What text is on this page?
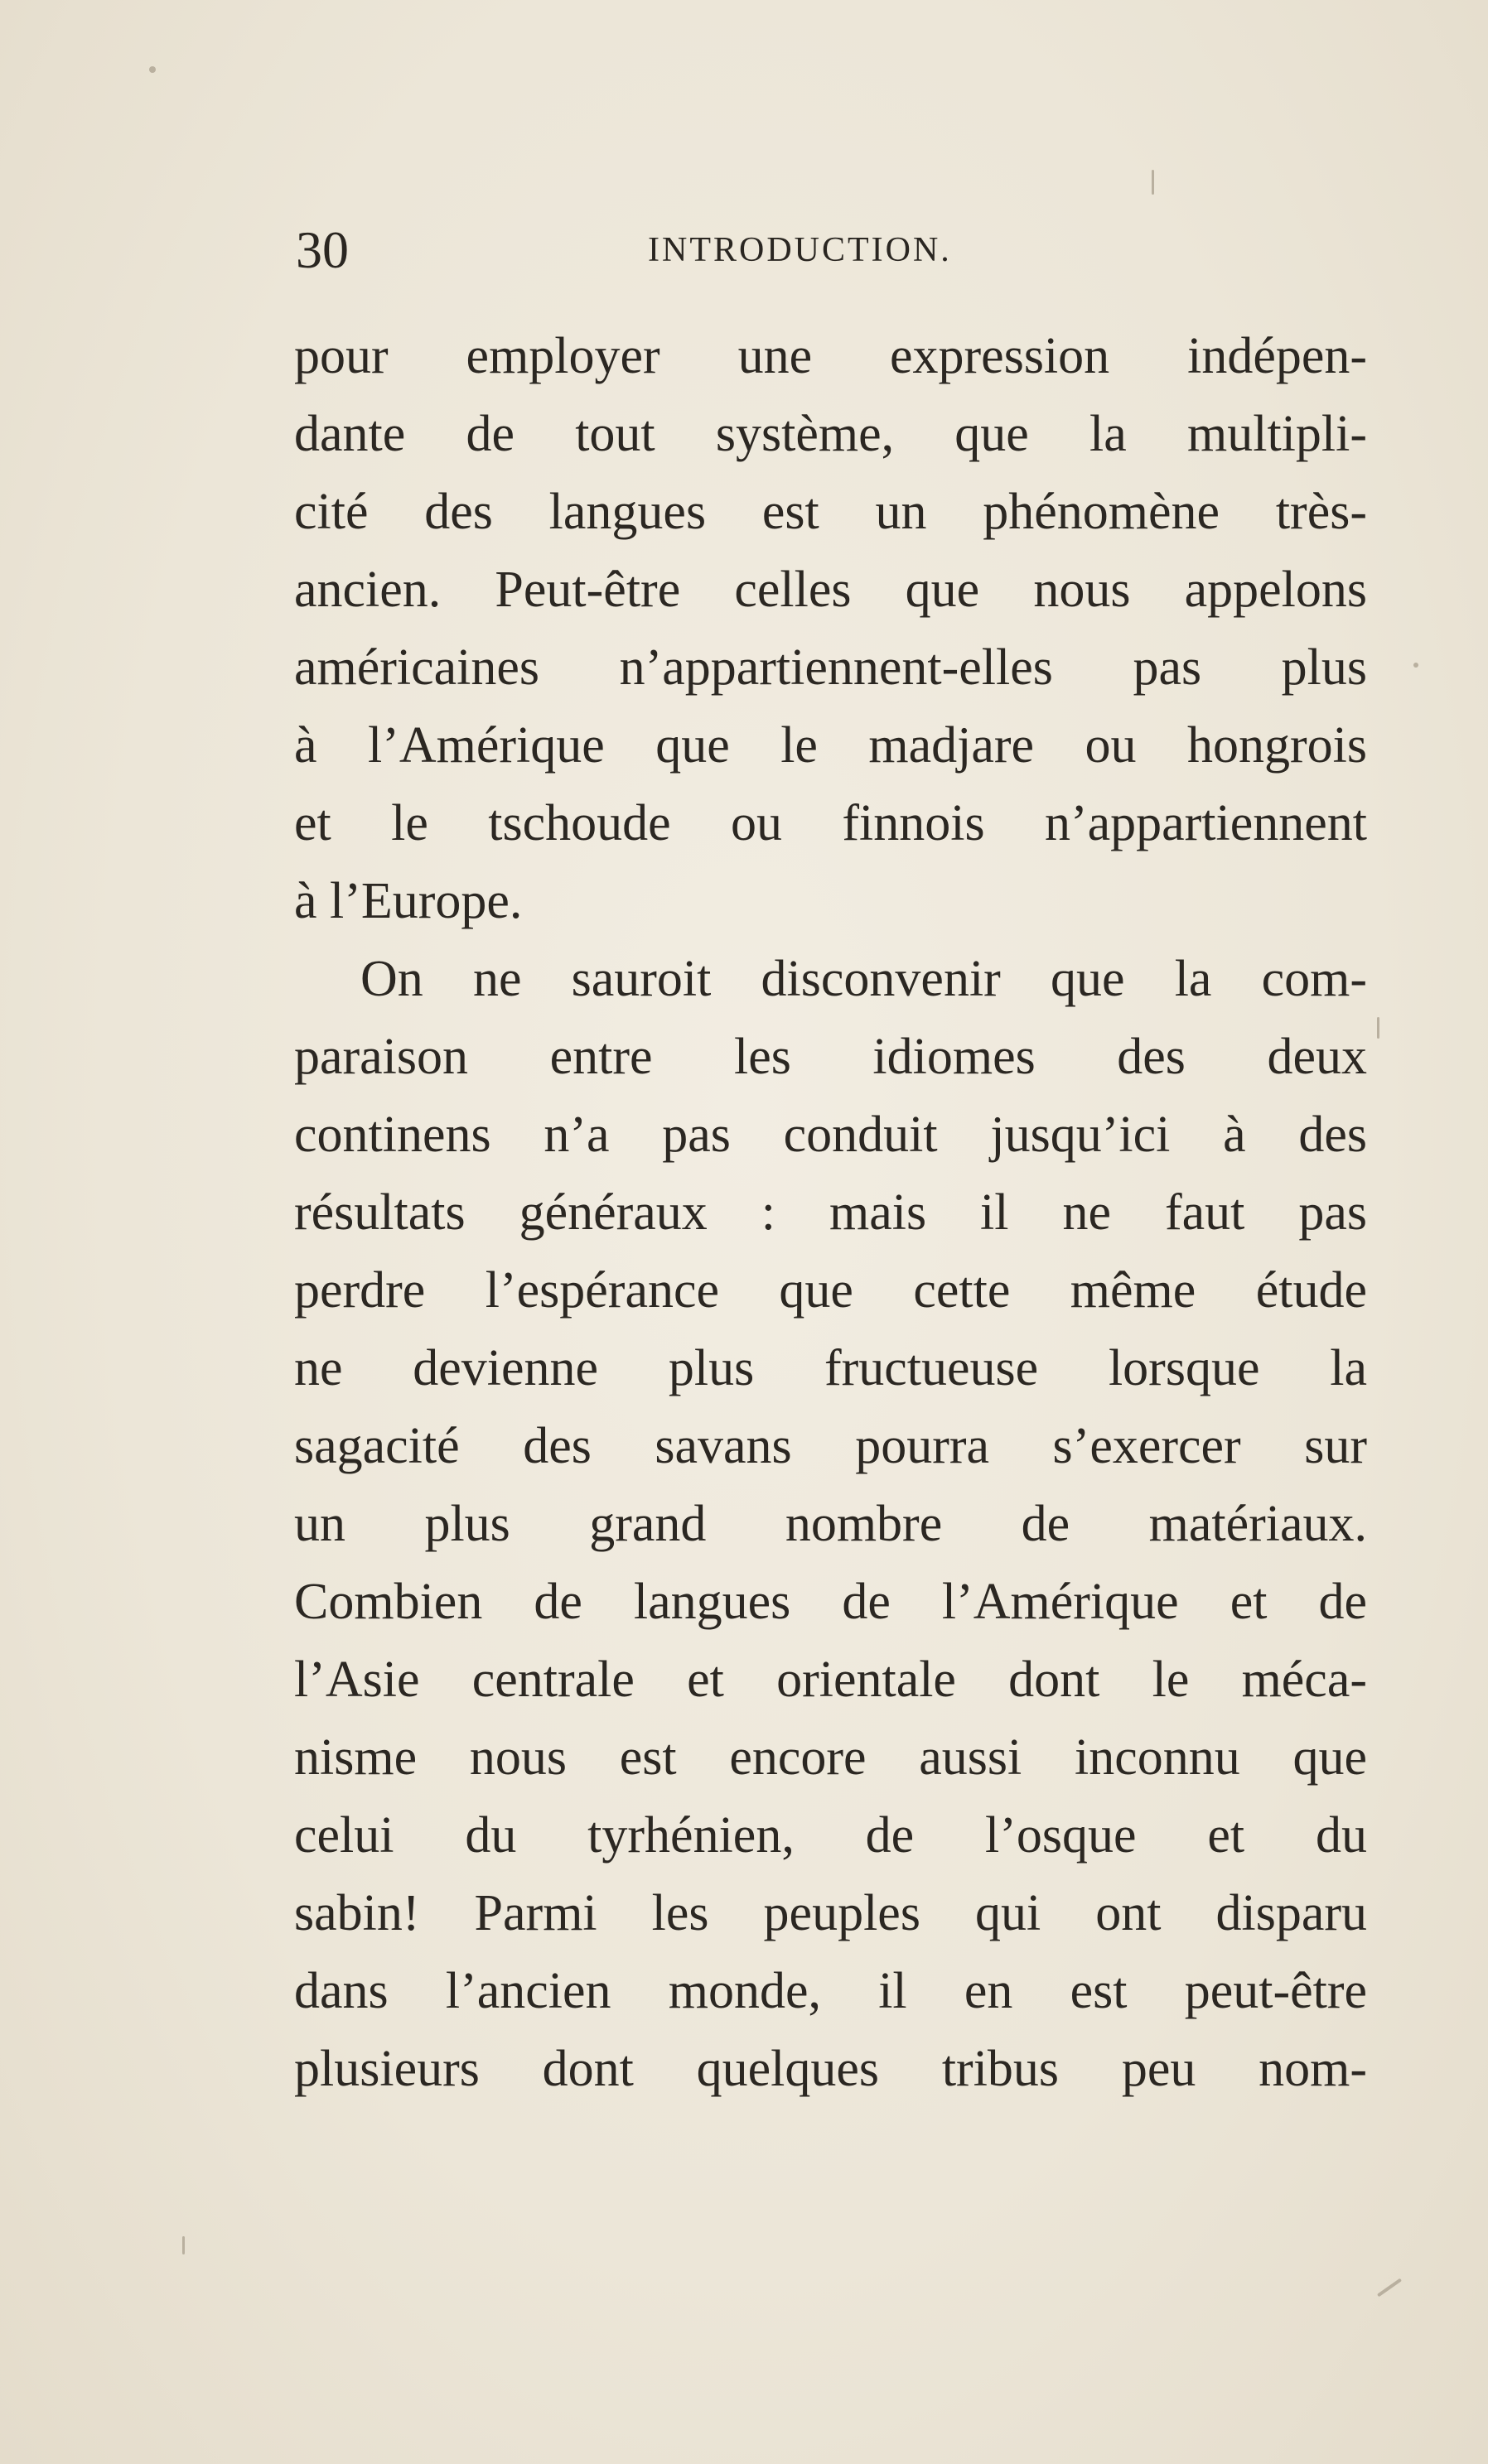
30	INTRODUCTION.
pour employer une expression indépen-
dante de tout système, que la multipli-
cité des langues est un phénomène très-
ancien. Peut-être celles que nous appelons
américaines n’appartiennent-elles pas plus
à l’Amérique que le madjare ou hongrois
et le tschoude ou finnois n’appartiennent
à l’Europe.
On ne sauroit disconvenir que la com-
paraison entre les idiomes des deux
continens n’a pas conduit jusqu’ici à des
résultats généraux : mais il ne faut pas
perdre l’espérance que cette même étude
ne devienne plus fructueuse lorsque la
sagacité des savans pourra s’exercer sur
un plus grand nombre de matériaux.
Combien de langues de l’Amérique et de
l’Asie centrale et orientale dont le méca-
nisme nous est encore aussi inconnu que
celui du tyrhénien, de l’osque et du
sabin! Parmi les peuples qui ont disparu
dans l’ancien monde, il en est peut-être
plusieurs dont quelques tribus peu nom-
